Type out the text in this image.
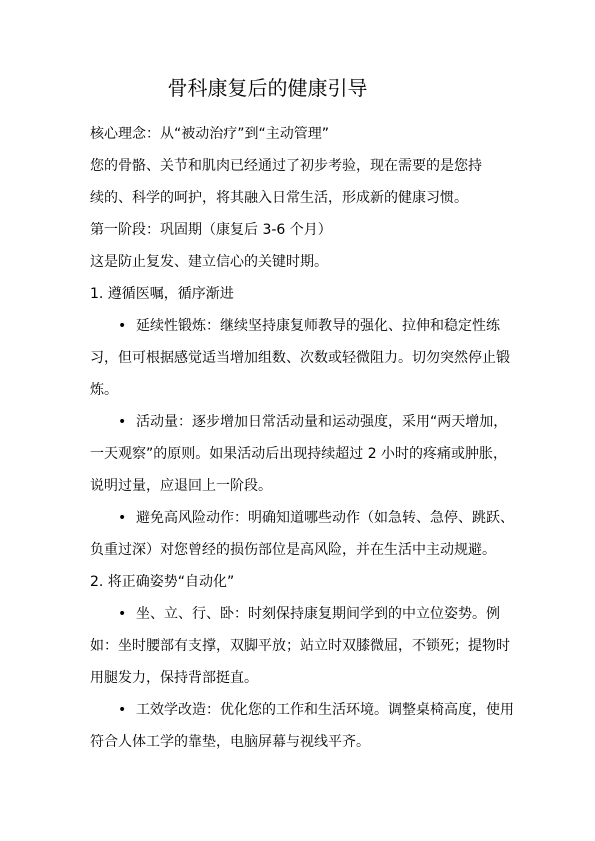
骨科康复后的健康引导

核心理念：从“被动治疗”到“主动管理”

您的骨骼、关节和肌肉已经通过了初步考验，现在需要的是您持

续的、科学的呵护，将其融入日常生活，形成新的健康习惯。

第一阶段：巩固期（康复后 3-6 个月）

这是防止复发、建立信心的关键时期。

1. 遵循医嘱，循序渐进

• 延续性锻炼：继续坚持康复师教导的强化、拉伸和稳定性练习，但可根据感觉适当增加组数、次数或轻微阻力。切勿突然停止锻炼。

• 活动量：逐步增加日常活动量和运动强度，采用“两天增加，一天观察”的原则。如果活动后出现持续超过 2 小时的疼痛或肿胀，说明过量，应退回上一阶段。

• 避免高风险动作：明确知道哪些动作（如急转、急停、跳跃、负重过深）对您曾经的损伤部位是高风险，并在生活中主动规避。

2. 将正确姿势“自动化”

• 坐、立、行、卧：时刻保持康复期间学到的中立位姿势。例如：坐时腰部有支撑，双脚平放；站立时双膝微屈，不锁死；提物时用腿发力，保持背部挺直。

• 工效学改造：优化您的工作和生活环境。调整桌椅高度，使用符合人体工学的靠垫，电脑屏幕与视线平齐。
